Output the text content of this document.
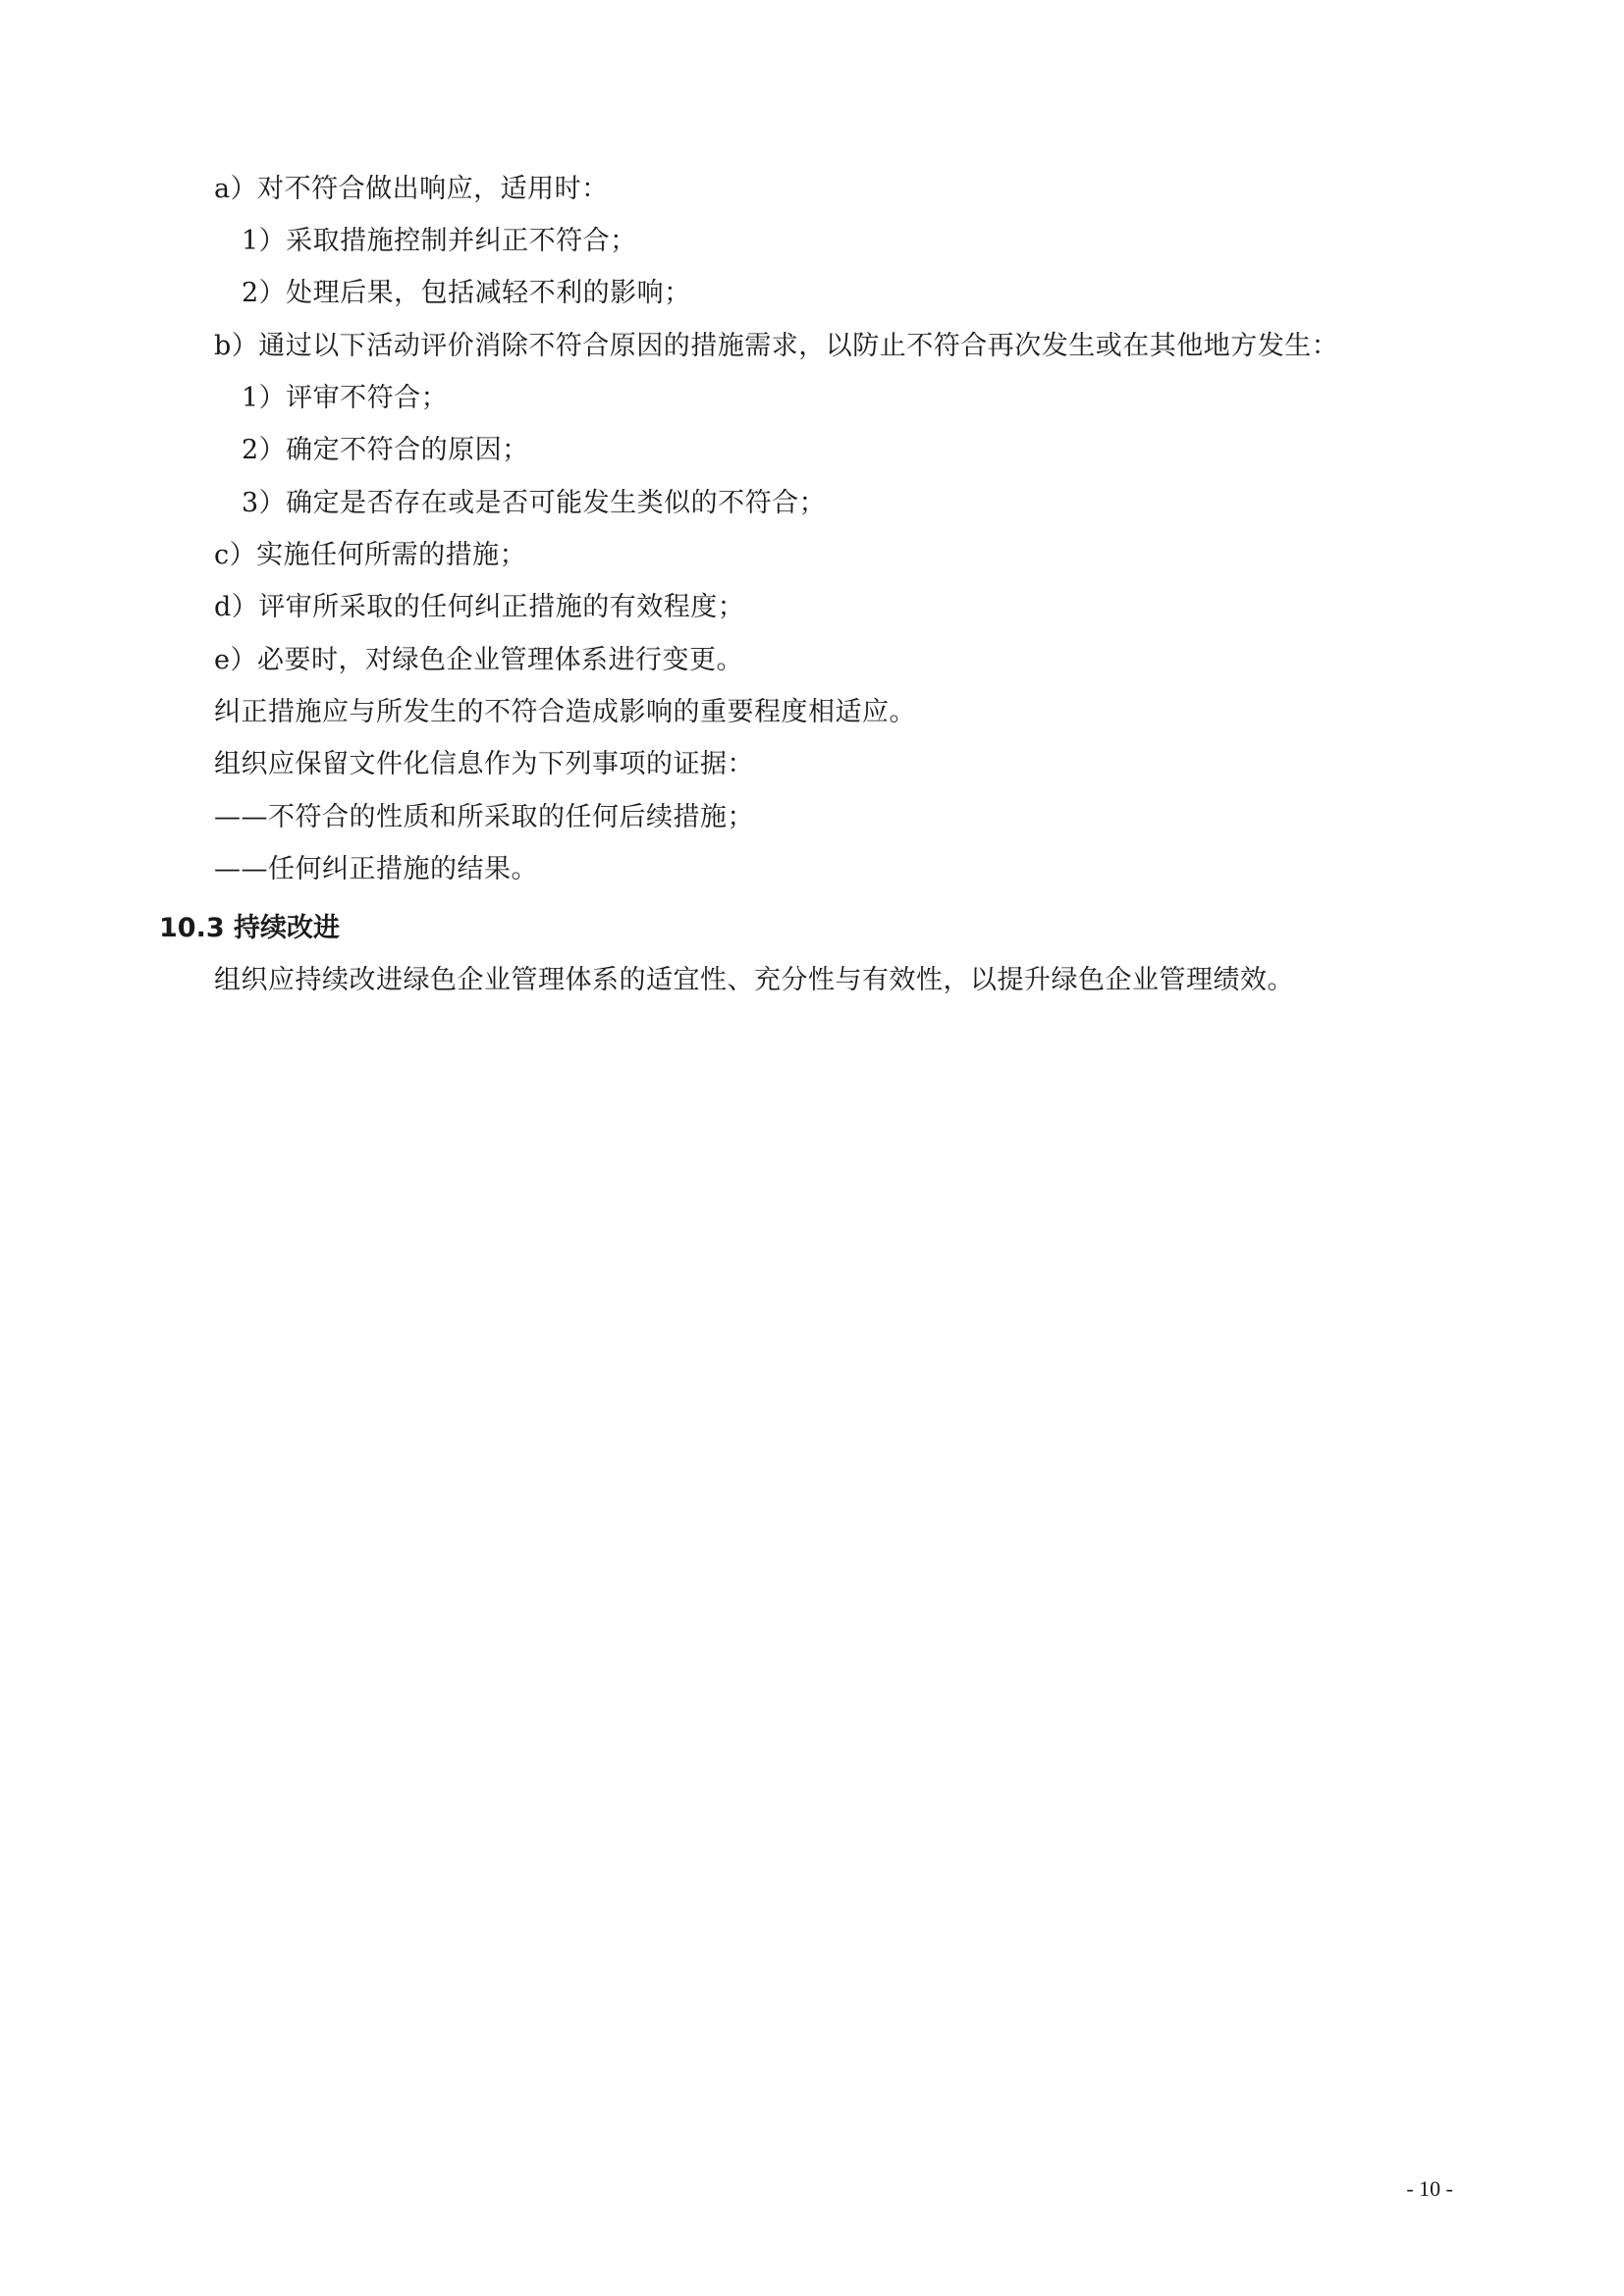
a）对不符合做出响应，适用时：
1）采取措施控制并纠正不符合；
2）处理后果，包括减轻不利的影响；
b）通过以下活动评价消除不符合原因的措施需求，以防止不符合再次发生或在其他地方发生：
1）评审不符合；
2）确定不符合的原因；
3）确定是否存在或是否可能发生类似的不符合；
c）实施任何所需的措施；
d）评审所采取的任何纠正措施的有效程度；
e）必要时，对绿色企业管理体系进行变更。
纠正措施应与所发生的不符合造成影响的重要程度相适应。
组织应保留文件化信息作为下列事项的证据：
——不符合的性质和所采取的任何后续措施；
——任何纠正措施的结果。
10.3 持续改进
组织应持续改进绿色企业管理体系的适宜性、充分性与有效性，以提升绿色企业管理绩效。
- 10 -
